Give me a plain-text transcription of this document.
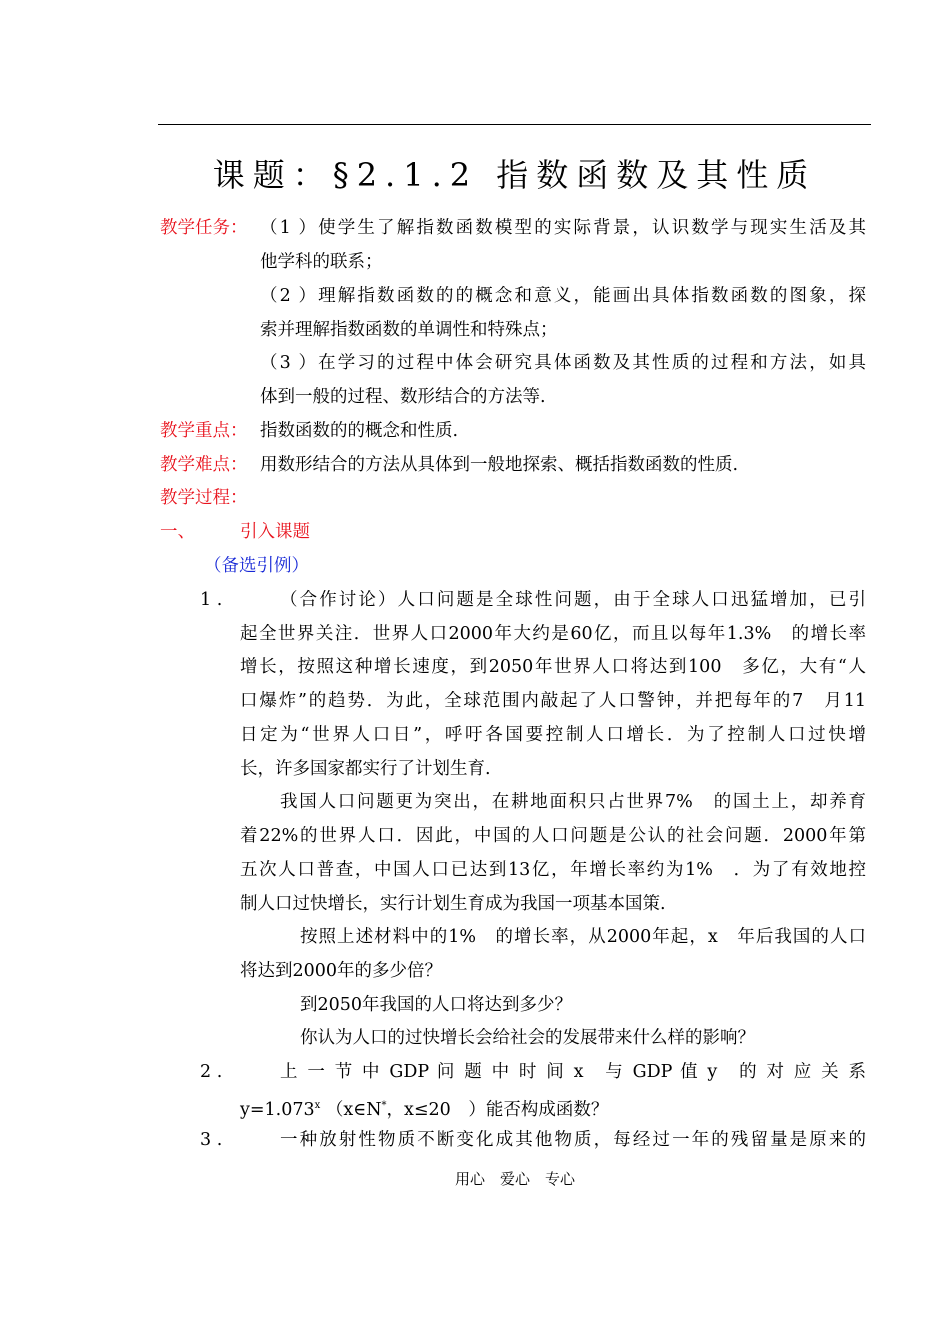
课题：§2.1.2 指数函数及其性质
教学任务： （1 ）使学生了解指数函数模型的实际背景，认识数学与现实生活及其
他学科的联系；
（2 ）理解指数函数的的概念和意义，能画出具体指数函数的图象，探
索并理解指数函数的单调性和特殊点；
（3 ）在学习的过程中体会研究具体函数及其性质的过程和方法，如具
体到一般的过程、数形结合的方法等.
教学重点： 指数函数的的概念和性质.
教学难点： 用数形结合的方法从具体到一般地探索、概括指数函数的性质.
教学过程：
一、	引入课题
（备选引例）
1 .	（合作讨论）人口问题是全球性问题，由于全球人口迅猛增加，已引
起全世界关注．世界人口2000年大约是60亿，而且以每年1.3%　的增长率
增长，按照这种增长速度，到2050年世界人口将达到100　多亿，大有“人
口爆炸”的趋势．为此，全球范围内敲起了人口警钟，并把每年的7　月11
日定为“世界人口日”，呼吁各国要控制人口增长．为了控制人口过快增
长，许多国家都实行了计划生育.
我国人口问题更为突出，在耕地面积只占世界7%　的国土上，却养育
着22%的世界人口．因此，中国的人口问题是公认的社会问题．2000年第
五次人口普查，中国人口已达到13亿，年增长率约为1%　．为了有效地控
制人口过快增长，实行计划生育成为我国一项基本国策.
按照上述材料中的1%　的增长率，从2000年起，x　年后我国的人口
将达到2000年的多少倍？
到2050年我国的人口将达到多少？
你认为人口的过快增长会给社会的发展带来什么样的影响？
2 .	上 一 节 中 GDP 问 题 中 时 间 x　与 GDP 值 y　的 对 应 关 系
$y=1.073^x$ （x∈N*，x≤20　）能否构成函数？
3 .	一种放射性物质不断变化成其他物质，每经过一年的残留量是原来的
用心　爱心　专心
